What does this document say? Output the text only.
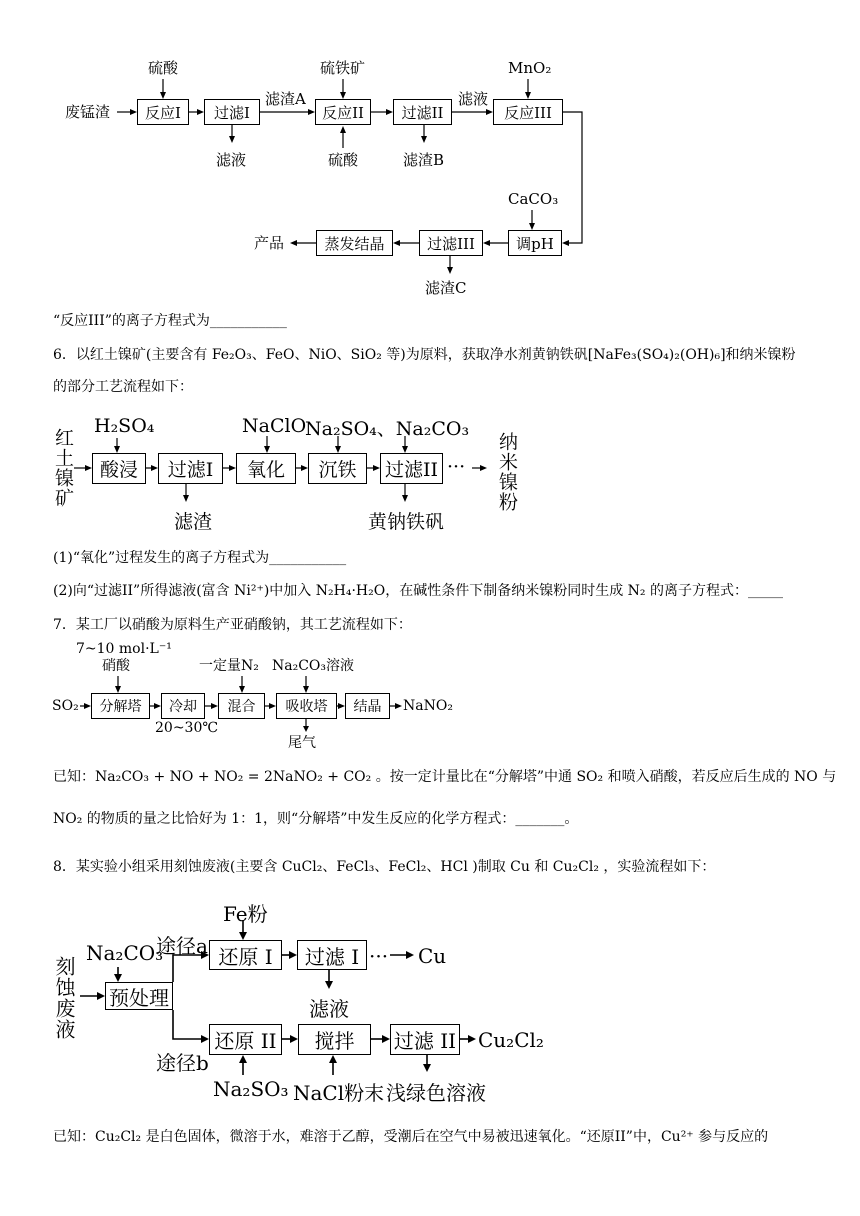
废锰渣
硫酸
反应I	过滤I
滤液
滤渣A
硫铁矿
反应II
硫酸
过滤II
滤渣B
滤液
MnO₂
反应III
CaCO₃
调pH
过滤III
滤渣C
蒸发结晶
产品
“反应III”的离子方程式为___________
6．以红土镍矿(主要含有 Fe₂O₃、FeO、NiO、SiO₂ 等)为原料，获取净水剂黄钠铁矾[NaFe₃(SO₄)₂(OH)₆]和纳米镍粉
的部分工艺流程如下：
红土镍矿
H₂SO₄
酸浸	过滤I
滤渣
NaClO
氧化
Na₂SO₄、Na₂CO₃
沉铁	过滤II ···
黄钠铁矾
纳米镍粉
(1)“氧化”过程发生的离子方程式为___________
(2)向“过滤II”所得滤液(富含 Ni²⁺)中加入 N₂H₄·H₂O，在碱性条件下制备纳米镍粉同时生成 N₂ 的离子方程式：_____
7．某工厂以硝酸为原料生产亚硝酸钠，其工艺流程如下：
7~10 mol·L⁻¹
硝酸
SO₂	分解塔	冷却
20~30℃
一定量N₂
混合
Na₂CO₃溶液
吸收塔
尾气
结晶	NaNO₂
已知：Na₂CO₃ + NO + NO₂ = 2NaNO₂ + CO₂ 。按一定计量比在“分解塔”中通 SO₂ 和喷入硝酸，若反应后生成的 NO 与
NO₂ 的物质的量之比恰好为 1：1，则“分解塔”中发生反应的化学方程式：_______。
8．某实验小组采用刻蚀废液(主要含 CuCl₂、FeCl₃、FeCl₂、HCl )制取 Cu 和 Cu₂Cl₂ ，实验流程如下：
刻蚀废液
Na₂CO₃
预处理
途径a
Fe粉
还原 I	过滤 I ··· Cu
滤液
途径b
还原 II
Na₂SO₃
搅拌
NaCl粉末
过滤 II Cu₂Cl₂
浅绿色溶液
已知：Cu₂Cl₂ 是白色固体，微溶于水，难溶于乙醇，受潮后在空气中易被迅速氧化。“还原II”中，Cu²⁺ 参与反应的
